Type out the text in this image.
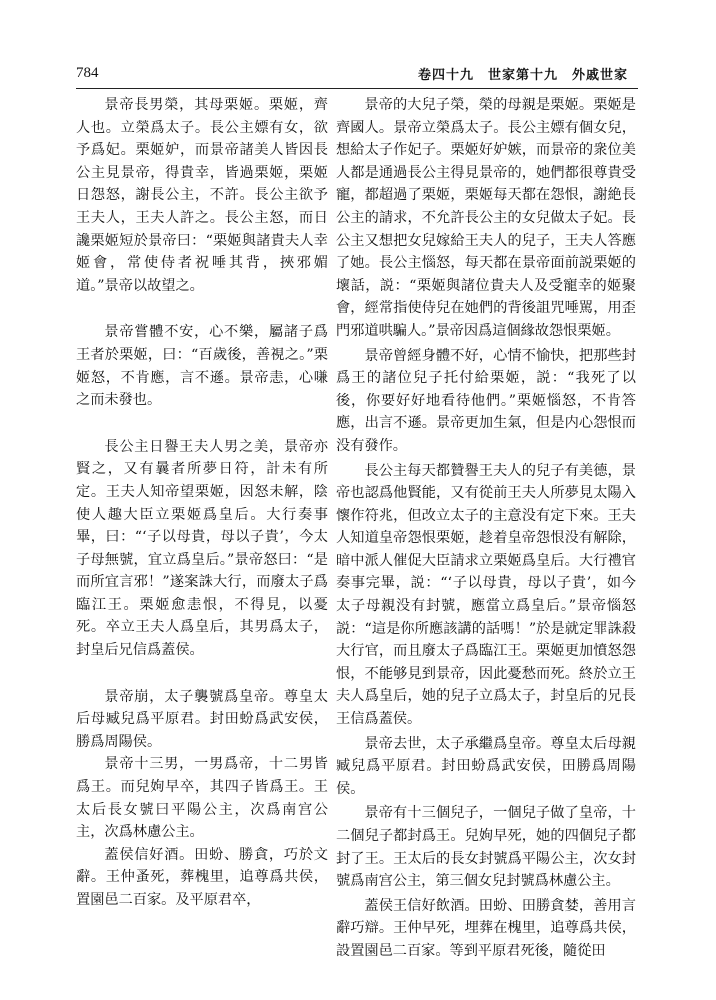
784	卷四十九　世家第十九　外戚世家

景帝長男榮，其母栗姬。栗姬，齊人也。立榮爲太子。長公主嫖有女，欲予爲妃。栗姬妒，而景帝諸美人皆因長公主見景帝，得貴幸，皆過栗姬，栗姬日怨怒，謝長公主，不許。長公主欲予王夫人，王夫人許之。長公主怒，而日讒栗姬短於景帝曰：“栗姬與諸貴夫人幸姬會，常使侍者祝唾其背，挾邪媚道。”景帝以故望之。

景帝嘗體不安，心不樂，屬諸子爲王者於栗姬，曰：“百歲後，善視之。”栗姬怒，不肯應，言不遜。景帝恚，心嗛之而未發也。

長公主日譽王夫人男之美，景帝亦賢之，又有曩者所夢日符，計未有所定。王夫人知帝望栗姬，因怒未解，陰使人趣大臣立栗姬爲皇后。大行奏事畢，曰：“‘子以母貴，母以子貴’，今太子母無號，宜立爲皇后。”景帝怒曰：“是而所宜言邪！”遂案誅大行，而廢太子爲臨江王。栗姬愈恚恨，不得見，以憂死。卒立王夫人爲皇后，其男爲太子，封皇后兄信爲蓋侯。

景帝崩，太子襲號爲皇帝。尊皇太后母臧兒爲平原君。封田蚡爲武安侯，勝爲周陽侯。

景帝十三男，一男爲帝，十二男皆爲王。而兒姁早卒，其四子皆爲王。王太后長女號曰平陽公主，次爲南宫公主，次爲林慮公主。

蓋侯信好酒。田蚡、勝貪，巧於文辭。王仲蚤死，葬槐里，追尊爲共侯，置園邑二百家。及平原君卒，

景帝的大兒子榮，榮的母親是栗姬。栗姬是齊國人。景帝立榮爲太子。長公主嫖有個女兒，想給太子作妃子。栗姬好妒嫉，而景帝的衆位美人都是通過長公主得見景帝的，她們都很尊貴受寵，都超過了栗姬，栗姬每天都在怨恨，謝絶長公主的請求，不允許長公主的女兒做太子妃。長公主又想把女兒嫁給王夫人的兒子，王夫人答應了她。長公主惱怒，每天都在景帝面前説栗姬的壞話，説：“栗姬與諸位貴夫人及受寵幸的姬聚會，經常指使侍兒在她們的背後詛咒唾駡，用歪門邪道哄騙人。”景帝因爲這個緣故怨恨栗姬。

景帝曾經身體不好，心情不愉快，把那些封爲王的諸位兒子托付給栗姬，説：“我死了以後，你要好好地看待他們。”栗姬惱怒，不肯答應，出言不遜。景帝更加生氣，但是内心怨恨而没有發作。

長公主每天都贊譽王夫人的兒子有美德，景帝也認爲他賢能，又有從前王夫人所夢見太陽入懷作符兆，但改立太子的主意没有定下來。王夫人知道皇帝怨恨栗姬，趁着皇帝怨恨没有解除，暗中派人催促大臣請求立栗姬爲皇后。大行禮官奏事完畢，説：“‘子以母貴，母以子貴’，如今太子母親没有封號，應當立爲皇后。”景帝惱怒説：“這是你所應該講的話嗎！”於是就定罪誅殺大行官，而且廢太子爲臨江王。栗姬更加憤怒怨恨，不能够見到景帝，因此憂愁而死。終於立王夫人爲皇后，她的兒子立爲太子，封皇后的兄長王信爲蓋侯。

景帝去世，太子承繼爲皇帝。尊皇太后母親臧兒爲平原君。封田蚡爲武安侯，田勝爲周陽侯。

景帝有十三個兒子，一個兒子做了皇帝，十二個兒子都封爲王。兒姁早死，她的四個兒子都封了王。王太后的長女封號爲平陽公主，次女封號爲南宫公主，第三個女兒封號爲林慮公主。

蓋侯王信好飲酒。田蚡、田勝貪婪，善用言辭巧辯。王仲早死，埋葬在槐里，追尊爲共侯，設置園邑二百家。等到平原君死後，隨從田
